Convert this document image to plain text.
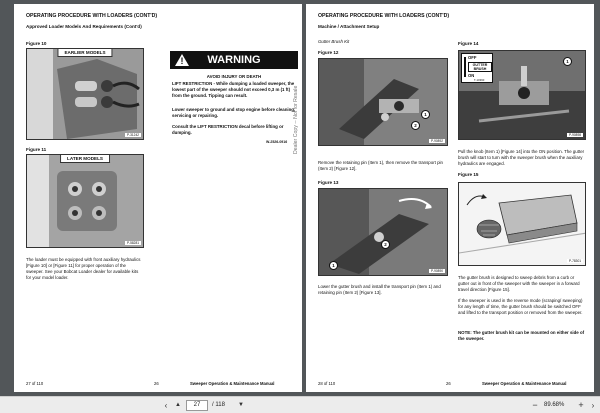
OPERATING PROCEDURE WITH LOADERS (CONT'D)
Approved Loader Models And Requirements (Cont'd)
Figure 10
EARLIER MODELS
P-31242
Figure 11
LATER MODELS
P-58281
! WARNING
AVOID INJURY OR DEATH
LIFT RESTRICTION - While dumping a loaded sweeper, the lowest part of the sweeper should not exceed 0,3 m (1 ft) from the ground. Tipping can result.
Lower sweeper to ground and stop engine before cleaning, servicing or repairing.
Consult the LIFT RESTRICTION decal before lifting or dumping.
W-2526-0916
The loader must be equipped with front auxiliary hydraulics [Figure 10] or [Figure 11] for proper operation of the sweeper. See your Bobcat Loader dealer for available kits for your model loader.
Dealer Copy -- Not for Resale
27 of 110	26	Sweeper Operation & Maintenance Manual
OPERATING PROCEDURE WITH LOADERS (CONT'D)
Machine / Attachment Setup
Gutter Brush Kit
Figure 12
1
2
P-90892
Remove the retaining pin (Item 1), then remove the transport pin (Item 2) [Figure 12].
Figure 13
1
2
P-90890
Lower the gutter brush and install the transport pin (Item 1) and retaining pin (Item 2) [Figure 13].
Figure 14
OFF
GUTTER BRUSH
ON
T-10390
1
P-90898
Pull the knob (Item 1) [Figure 14] into the ON position. The gutter brush will start to turn with the sweeper brush when the auxiliary hydraulics are engaged.
Figure 15
P-78301
The gutter brush is designed to sweep debris from a curb or gutter out in front of the sweeper with the sweeper in a forward travel direction [Figure 15].
If the sweeper is used in the reverse mode (scraping/ sweeping) for any length of time, the gutter brush should be switched OFF and lifted to the transport position or removed from the sweeper.
NOTE: The gutter brush kit can be mounted on either side of the sweeper.
28 of 110	26	Sweeper Operation & Maintenance Manual
‹	▲	27	/ 118	▼	−	89.68% +	›
